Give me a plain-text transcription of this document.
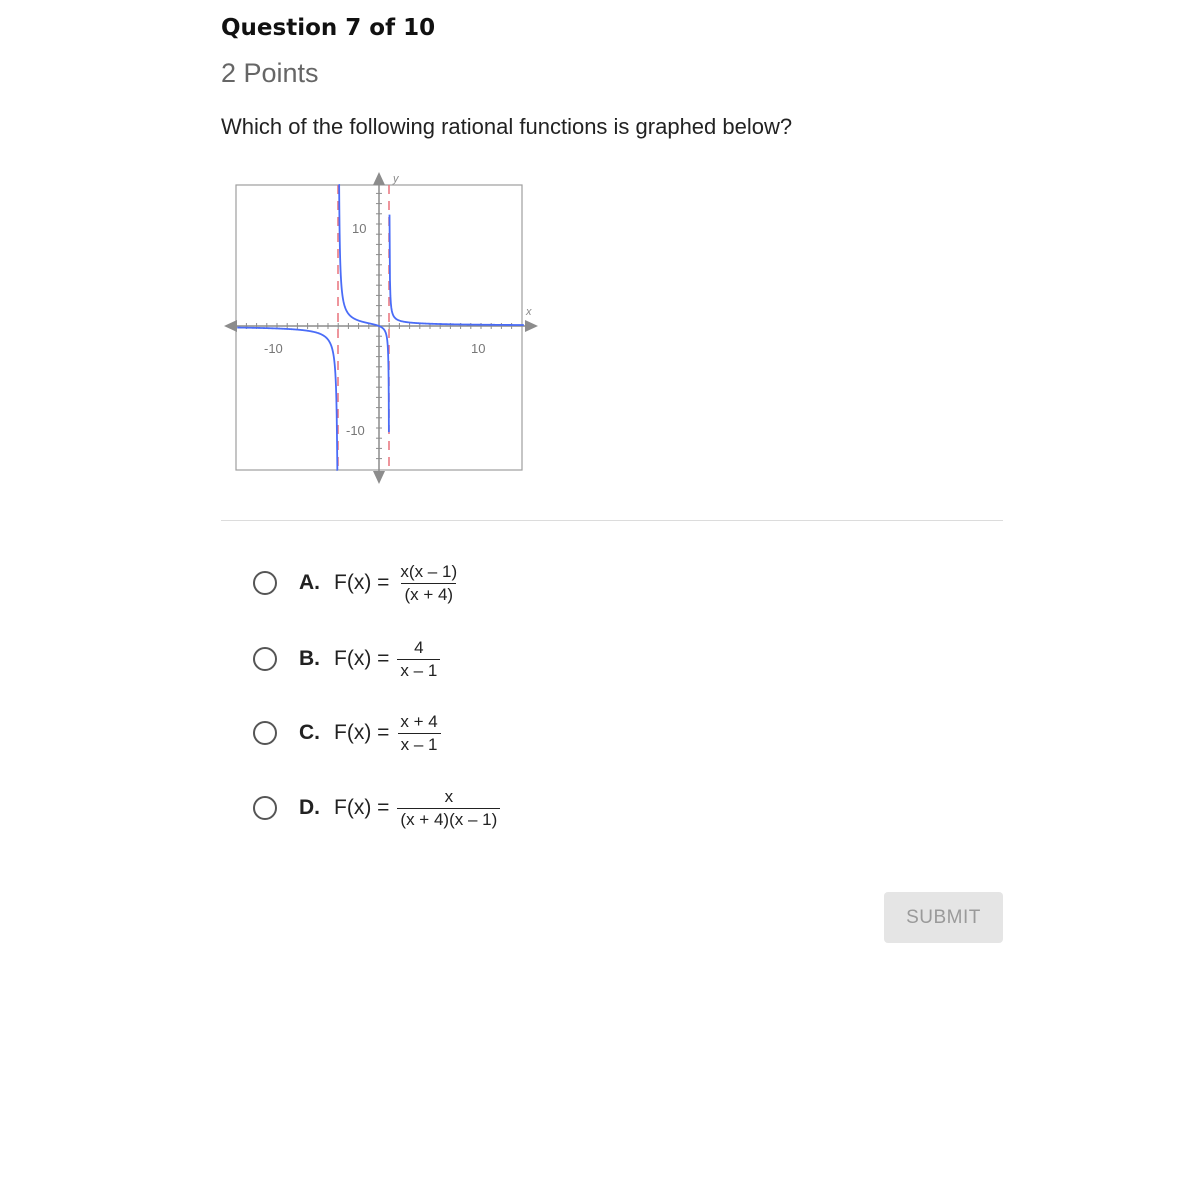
Question 7 of 10
2 Points
Which of the following rational functions is graphed below?
y
x
-10	10
10
-10
A. $F(x) = \frac{x(x - 1)}{(x + 4)}$
B. $F(x) = \frac{4}{x - 1}$
C. $F(x) = \frac{x + 4}{x - 1}$
D. $F(x) = \frac{x}{(x + 4)(x - 1)}$
SUBMIT
